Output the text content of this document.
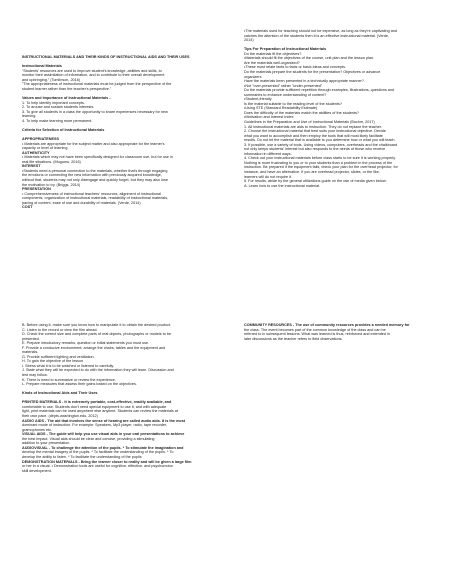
INSTRUCTIONAL MATERIALS AND THEIR KINDS OF INSTRUCTIONAL AIDS AND THEIR USES

Instructional Materials

"Students' resources are used to improve student's knowledge, abilities and skills, to

monitor their assimilation of information, and to contribute to their overall development

and upbringing." (Tomlinson, 2016)

"The appropriateness of instructional materials must be judged from the perspective of the

student learner rather than the teacher's perspective."

Values and Importance of Instructional Materials -

1. To help identify important concepts.

2. To arouse and sustain students interests.

3. To give all students in a class the opportunity to share experiences necessary for new

learning.

4. To help make learning more permanent.

Criteria for Selection of Instructional Materials

APPROPRIATENESS

• Materials are appropriate for the subject matter and also appropriate for the learner's

capacity or level of learning.

AUTHENTICITY

• Materials which may not have been specifically designed for classroom use, but for use in

real-life situations. (Mugumu, 2016)

INTEREST

•Students need a personal connection to the materials, whether that's through engaging

the emotions or connecting the new information with previously acquired knowledge,

without that, students may not only disengage and quickly forget, but they may also lose

the motivation to try. (Briggs, 2014)

PRESENTATION

• Comprehensiveness of instructional teachers' resources, alignment of instructional

components, organization of instructional materials, readability of instructional materials,

pacing of content, ease of use and durability of materials. (Verde, 2014)

COST

•The materials used for teaching should not be expensive, as long as they're captivating and

catches the attention of the students then it is an effective instructional material. (Verde,

2014)

Tips For Preparation of Instructional Materials

Do the materials fit the objectives?

•Materials should fit the objectives of the course, unit plan and the lesson plan.

Are the materials well-organized?

•These must relate facts to facts or basic ideas and concepts.

Do the materials prepare the students for the presentation? Objectives or advance

organizers

Have the materials been presented in a technically appropriate manner?

•Not "over-presented" rather "under-presented"

Do the materials provide sufficient repetition through examples, illustrations, questions and

summaries to enhance understanding of content?

•Student-friendly

Is the material suitable to the reading level of the students?

•Using STE (Standard Readability Estimate)

Does the difficulty of the materials match the abilities of the students?

•Motivation and Interest Index

Guidelines in the Preparation and Use of Instructional Materials (Bochm, 2017)

1. All instructional materials are aids to instruction. They do not replace the teacher.

2. Choose the instructional material that best suits your instructional objective. Decide

what you want to accomplish and then employ the tools that will most likely facilitate

results. Do not let the material that is available to you determine how or what you will teach.

3. If possible, use a variety of tools. Using videos, computers, overheads and the chalkboard

not only keeps students' interest but also responds to the needs of those who receive

information in different ways.

4. Check out your instructional materials before class starts to be sure it is working properly.

Nothing is more frustrating to you or to your students than a problem in the process of the

instruction. Be prepared if the equipment fails, check your plan for the overhead projector, for

instance, and have an alternative. If you are overhead projector, slides, or the like,

learners will do not require it.

5. For results, abide by the general utilizations guide on the use of media given below:

A. Learn how to use the instructional material.

B. Before using it, make sure you know how to manipulate it to obtain the desired product.

C. Listen to the record or view the film ahead.

D. Check the correct size and complete parts of real objects, photographs or models to be

presented.

E. Prepare introductory remarks, question or initial statements you must use.

F. Provide a conducive environment; arrange the chairs, tables and the equipment and

materials.

G. Provide sufficient lighting and ventilation.

H. To gain the objective of the lesson

I. Stress what it is to be watched or listened to carefully.

J. State what they will be expected to do with the information they will learn. Discussion and

test may follow.

K. There is need to summarize or review the experience.

L. Prepare measures that assess their gains based on the objectives.

Kinds of Instructional Aids and Their Uses

PRINTED MATERIALS - It is extremely portable, cost-effective, readily available, and

comfortable to use. Students don't need special equipment to use it, and with adequate

light, print materials can be used anywhere else anytime. Students can review the materials at

their own pace. (depts.washington.edu, 2012)

AUDIO AIDS - The aid that involves the sense of hearing are called audio aids. It is the most

dominant mode of instruction. For example: Speakers, Mp3 player, radio, tape recorder,

gramophones etc.

VISUAL AIDS - The guide will help you use visual aids in your oral presentations to achieve

the best impact. Visual aids should be clear and concise, providing a stimulating

addition to your presentation.

AUDIOVISUAL - To challenge the attention of the pupils. * To stimulate the imagination and

develop the mental imagery of the pupils. * To facilitate the understanding of the pupils. * To

develop the ability to listen. * To facilitate the understanding of the pupils

DEMONSTRATION MATERIALS - Bring the learner closer to reality and will be given a large film

or her in a visual. • Demonstration tools are useful for cognitive, effective, and psychomotor

skill development.

COMMUNITY RESOURCES - The use of community resources provides a needed memory for

the class. The event becomes part of the common knowledge of the class and can be

referred to in subsequent lessons. What was learned is thus, reinforced and extended in

later discussions as the teacher refers to field observations.
